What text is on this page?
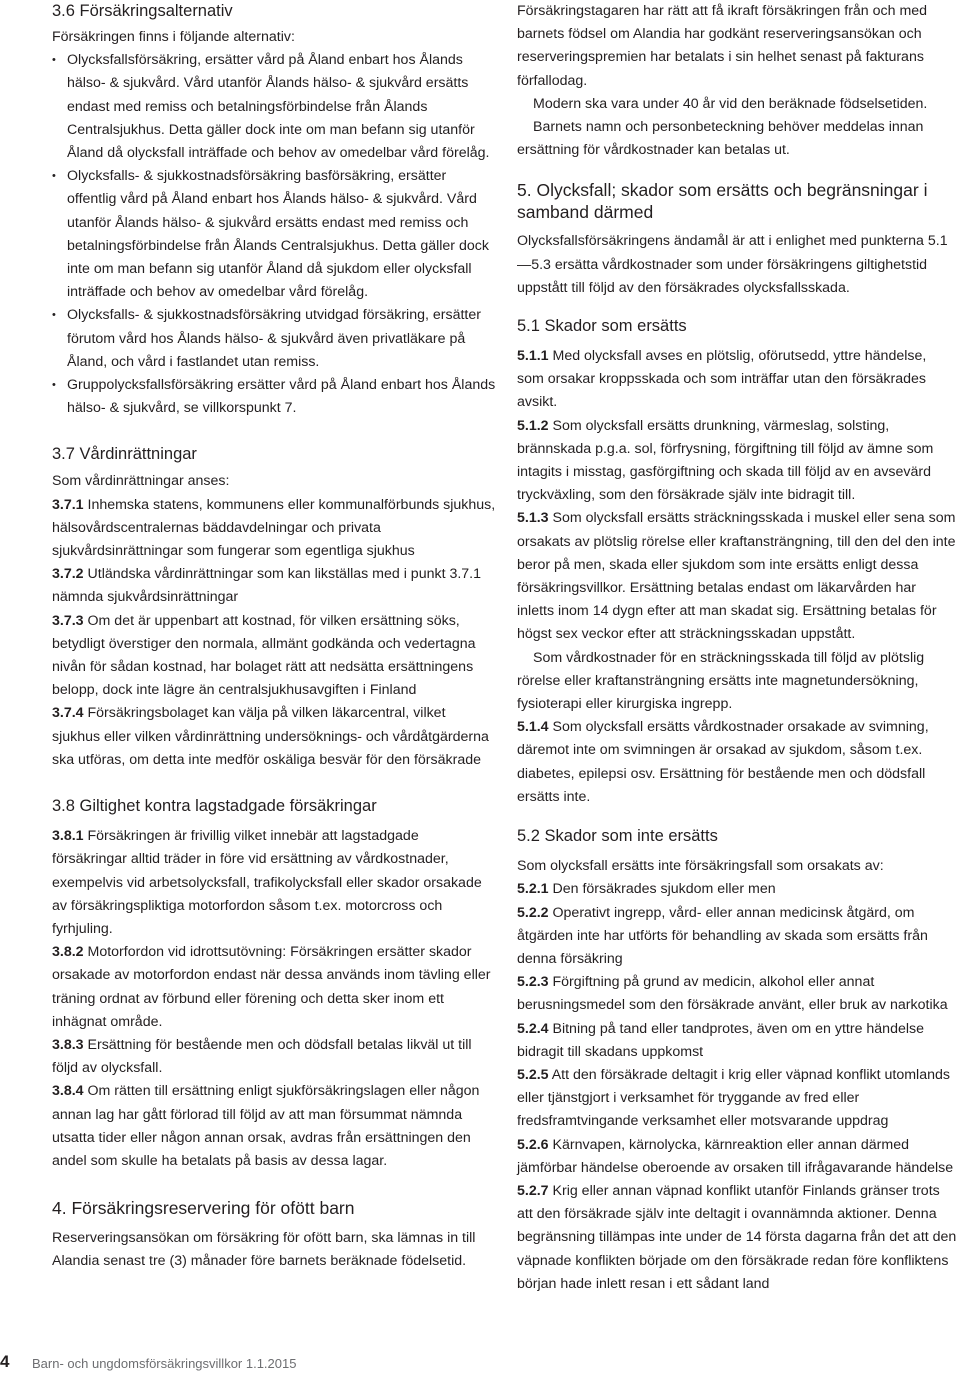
3.6 Försäkringsalternativ

Försäkringen finns i följande alternativ:

• Olycksfallsförsäkring, ersätter vård på Åland enbart hos Ålands hälso- & sjukvård. Vård utanför Ålands hälso- & sjukvård ersätts endast med remiss och betalningsförbindelse från Ålands Centralsjukhus. Detta gäller dock inte om man befann sig utanför Åland då olycksfall inträffade och behov av omedelbar vård förelåg.
• Olycksfalls- & sjukkostnadsförsäkring basförsäkring, ersätter offentlig vård på Åland enbart hos Ålands hälso- & sjukvård. Vård utanför Ålands hälso- & sjukvård ersätts endast med remiss och betalningsförbindelse från Ålands Centralsjukhus. Detta gäller dock inte om man befann sig utanför Åland då sjukdom eller olycksfall inträffade och behov av omedelbar vård förelåg.
• Olycksfalls- & sjukkostnadsförsäkring utvidgad försäkring, ersätter förutom vård hos Ålands hälso- & sjukvård även privatläkare på Åland, och vård i fastlandet utan remiss.
• Gruppolycksfallsförsäkring ersätter vård på Åland enbart hos Ålands hälso- & sjukvård, se villkorspunkt 7.
3.7 Vårdinrättningar

Som vårdinrättningar anses:

3.7.1 Inhemska statens, kommunens eller kommunalförbunds sjukhus, hälsovårdscentralernas bäddavdelningar och privata sjukvårdsinrättningar som fungerar som egentliga sjukhus

3.7.2 Utländska vårdinrättningar som kan likställas med i punkt 3.7.1 nämnda sjukvårdsinrättningar

3.7.3 Om det är uppenbart att kostnad, för vilken ersättning söks, betydligt överstiger den normala, allmänt godkända och vedertagna nivån för sådan kostnad, har bolaget rätt att nedsätta ersättningens belopp, dock inte lägre än centralsjukhusavgiften i Finland

3.7.4 Försäkringsbolaget kan välja på vilken läkarcentral, vilket sjukhus eller vilken vårdinrättning undersöknings- och vårdåtgärderna ska utföras, om detta inte medför oskäliga besvär för den försäkrade

3.8 Giltighet kontra lagstadgade försäkringar

3.8.1 Försäkringen är frivillig vilket innebär att lagstadgade försäkringar alltid träder in före vid ersättning av vårdkostnader, exempelvis vid arbetsolycksfall, trafikolycksfall eller skador orsakade av försäkringspliktiga motorfordon såsom t.ex. motorcross och fyrhjuling.

3.8.2 Motorfordon vid idrottsutövning: Försäkringen ersätter skador orsakade av motorfordon endast när dessa används inom tävling eller träning ordnat av förbund eller förening och detta sker inom ett inhägnat område.

3.8.3 Ersättning för bestående men och dödsfall betalas likväl ut till följd av olycksfall.

3.8.4 Om rätten till ersättning enligt sjukförsäkringslagen eller någon annan lag har gått förlorad till följd av att man försummat nämnda utsatta tider eller någon annan orsak, avdras från ersättningen den andel som skulle ha betalats på basis av dessa lagar.

4. Försäkringsreservering för ofött barn

Reserveringsansökan om försäkring för ofött barn, ska lämnas in till Alandia senast tre (3) månader före barnets beräknade födelsetid.

Försäkringstagaren har rätt att få ikraft försäkringen från och med barnets födsel om Alandia har godkänt reserveringsansökan och reserveringspremien har betalats i sin helhet senast på fakturans förfallodag.

Modern ska vara under 40 år vid den beräknade födselsetiden.

Barnets namn och personbeteckning behöver meddelas innan ersättning för vårdkostnader kan betalas ut.

5. Olycksfall; skador som ersätts och begränsningar i samband därmed

Olycksfallsförsäkringens ändamål är att i enlighet med punkterna 5.1—5.3 ersätta vårdkostnader som under försäkringens giltighetstid uppstått till följd av den försäkrades olycksfallsskada.

5.1 Skador som ersätts

5.1.1 Med olycksfall avses en plötslig, oförutsedd, yttre händelse, som orsakar kroppsskada och som inträffar utan den försäkrades avsikt.

5.1.2 Som olycksfall ersätts drunkning, värmeslag, solsting, brännskada p.g.a. sol, förfrysning, förgiftning till följd av ämne som intagits i misstag, gasförgiftning och skada till följd av en avsevärd tryckväxling, som den försäkrade själv inte bidragit till.

5.1.3 Som olycksfall ersätts sträckningsskada i muskel eller sena som orsakats av plötslig rörelse eller kraftansträngning, till den del den inte beror på men, skada eller sjukdom som inte ersätts enligt dessa försäkringsvillkor. Ersättning betalas endast om läkarvården har inletts inom 14 dygn efter att man skadat sig. Ersättning betalas för högst sex veckor efter att sträckningsskadan uppstått.

Som vårdkostnader för en sträckningsskada till följd av plötslig rörelse eller kraftansträngning ersätts inte magnetundersökning, fysioterapi eller kirurgiska ingrepp.

5.1.4 Som olycksfall ersätts vårdkostnader orsakade av svimning, däremot inte om svimningen är orsakad av sjukdom, såsom t.ex. diabetes, epilepsi osv. Ersättning för bestående men och dödsfall ersätts inte.

5.2 Skador som inte ersätts

Som olycksfall ersätts inte försäkringsfall som orsakats av:

5.2.1 Den försäkrades sjukdom eller men

5.2.2 Operativt ingrepp, vård- eller annan medicinsk åtgärd, om åtgärden inte har utförts för behandling av skada som ersätts från denna försäkring

5.2.3 Förgiftning på grund av medicin, alkohol eller annat berusningsmedel som den försäkrade använt, eller bruk av narkotika

5.2.4 Bitning på tand eller tandprotes, även om en yttre händelse bidragit till skadans uppkomst

5.2.5 Att den försäkrade deltagit i krig eller väpnad konflikt utomlands eller tjänstgjort i verksamhet för tryggande av fred eller fredsframtvingande verksamhet eller motsvarande uppdrag

5.2.6 Kärnvapen, kärnolycka, kärnreaktion eller annan därmed jämförbar händelse oberoende av orsaken till ifrågavarande händelse

5.2.7 Krig eller annan väpnad konflikt utanför Finlands gränser trots att den försäkrade själv inte deltagit i ovannämnda aktioner. Denna begränsning tillämpas inte under de 14 första dagarna från det att den väpnade konflikten började om den försäkrade redan före konfliktens början hade inlett resan i ett sådant land

4 Barn- och ungdomsförsäkringsvillkor 1.1.2015
